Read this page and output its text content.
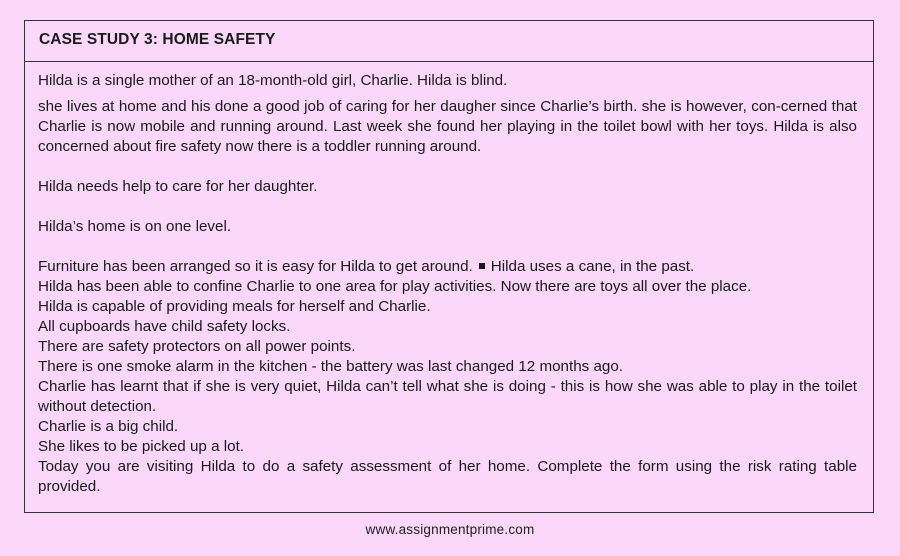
CASE STUDY 3: HOME SAFETY

Hilda is a single mother of an 18-month-old girl, Charlie. Hilda is blind.

she lives at home and his done a good job of caring for her daugher since Charlie’s birth. she is however, con-cerned that Charlie is now mobile and running around. Last week she found her playing in the toilet bowl with her toys. Hilda is also concerned about fire safety now there is a toddler running around.

Hilda needs help to care for her daughter.

Hilda’s home is on one level.

Furniture has been arranged so it is easy for Hilda to get around. Hilda uses a cane, in the past.

Hilda has been able to confine Charlie to one area for play activities. Now there are toys all over the place.

Hilda is capable of providing meals for herself and Charlie.

All cupboards have child safety locks.

There are safety protectors on all power points.

There is one smoke alarm in the kitchen - the battery was last changed 12 months ago.

Charlie has learnt that if she is very quiet, Hilda can’t tell what she is doing - this is how she was able to play in the toilet without detection.

Charlie is a big child.

She likes to be picked up a lot.

Today you are visiting Hilda to do a safety assessment of her home. Complete the form using the risk rating table provided.

www.assignmentprime.com
